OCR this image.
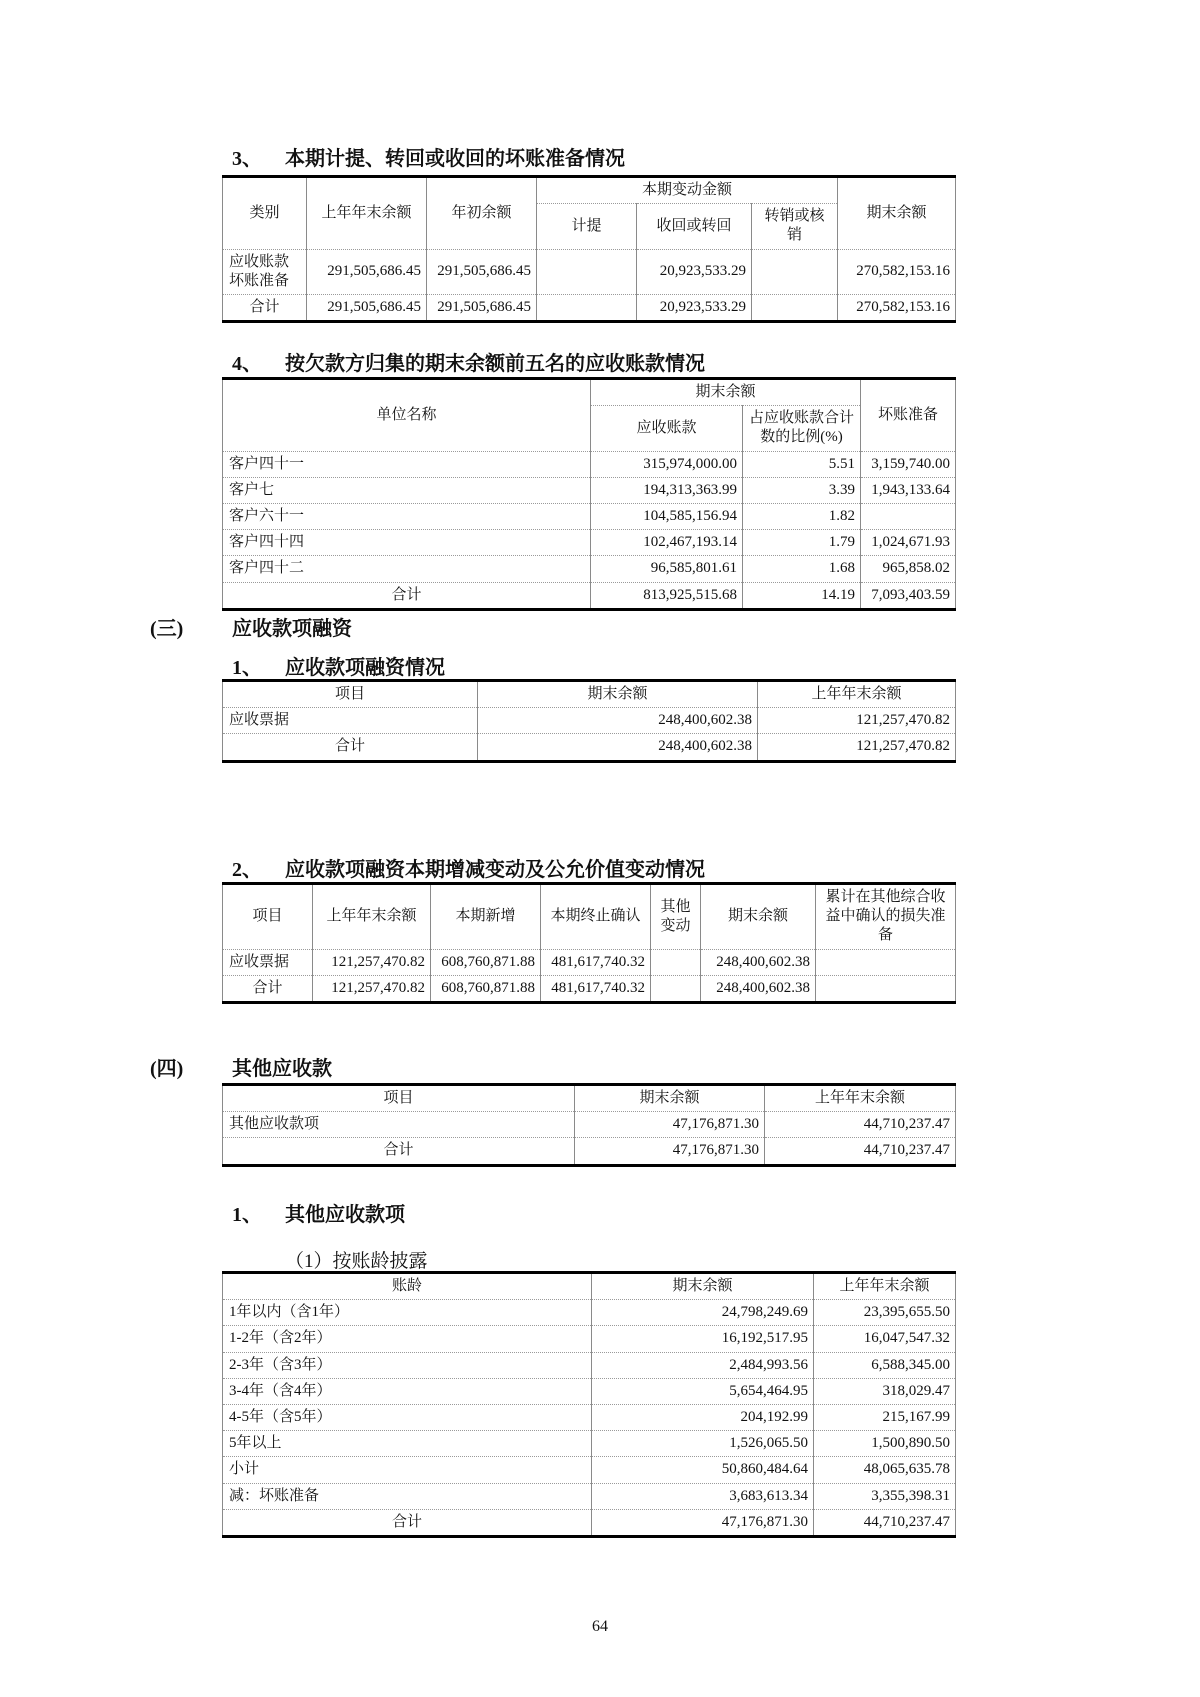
3、 本期计提、转回或收回的坏账准备情况
类别	上年年末余额	年初余额	本期变动金额			期末余额
			计提	收回或转回	转销或核销	
应收账款坏账准备	291,505,686.45	291,505,686.45		20,923,533.29		270,582,153.16
合计	291,505,686.45	291,505,686.45		20,923,533.29		270,582,153.16
4、 按欠款方归集的期末余额前五名的应收账款情况
单位名称	期末余额		坏账准备
	应收账款	占应收账款合计数的比例(%)	
客户四十一	315,974,000.00	5.51	3,159,740.00
客户七	194,313,363.99	3.39	1,943,133.64
客户六十一	104,585,156.94	1.82	
客户四十四	102,467,193.14	1.79	1,024,671.93
客户四十二	96,585,801.61	1.68	965,858.02
合计	813,925,515.68	14.19	7,093,403.59
(三) 应收款项融资
1、 应收款项融资情况
项目	期末余额	上年年末余额
应收票据	248,400,602.38	121,257,470.82
合计	248,400,602.38	121,257,470.82
2、 应收款项融资本期增减变动及公允价值变动情况
项目	上年年末余额	本期新增	本期终止确认	其他变动	期末余额	累计在其他综合收益中确认的损失准备
应收票据	121,257,470.82	608,760,871.88	481,617,740.32		248,400,602.38	
合计	121,257,470.82	608,760,871.88	481,617,740.32		248,400,602.38	
(四) 其他应收款
项目	期末余额	上年年末余额
其他应收款项	47,176,871.30	44,710,237.47
合计	47,176,871.30	44,710,237.47
1、 其他应收款项
（1）按账龄披露
账龄	期末余额	上年年末余额
1年以内（含1年）	24,798,249.69	23,395,655.50
1-2年（含2年）	16,192,517.95	16,047,547.32
2-3年（含3年）	2,484,993.56	6,588,345.00
3-4年（含4年）	5,654,464.95	318,029.47
4-5年（含5年）	204,192.99	215,167.99
5年以上	1,526,065.50	1,500,890.50
小计	50,860,484.64	48,065,635.78
减：坏账准备	3,683,613.34	3,355,398.31
合计	47,176,871.30	44,710,237.47
64
